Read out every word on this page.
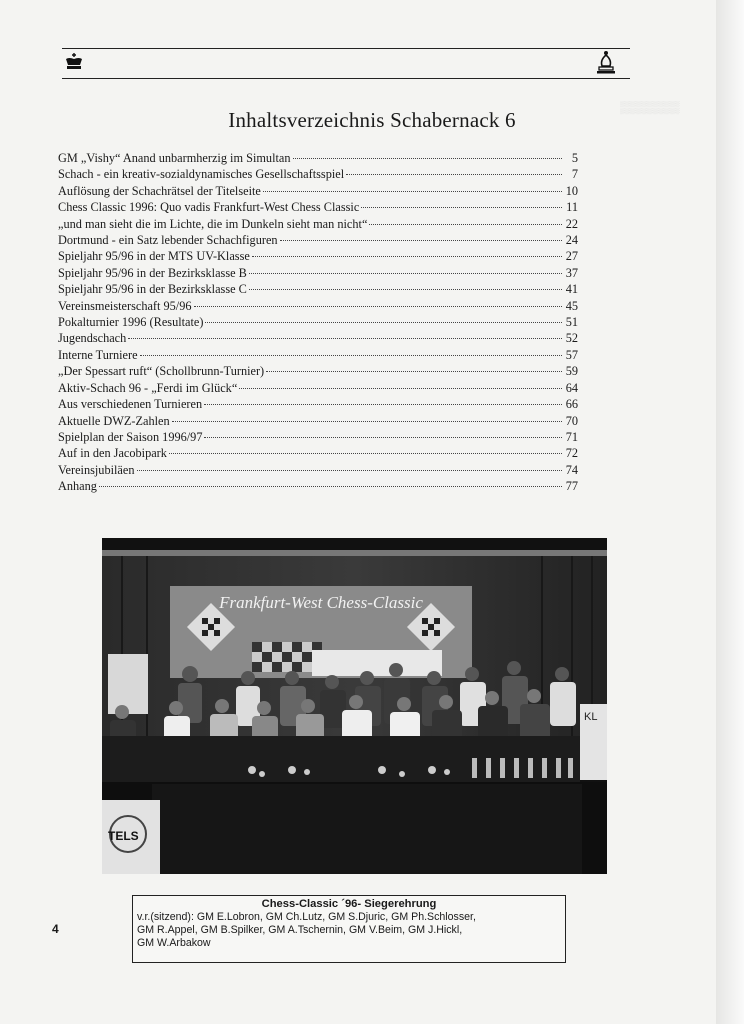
▒▒▒▒▒▒▒
Inhaltsverzeichnis Schabernack 6
GM „Vishy“ Anand unbarmherzig im Simultan	5
Schach - ein kreativ-sozialdynamisches Gesellschaftsspiel	7
Auflösung der Schachrätsel der Titelseite	10
Chess Classic 1996: Quo vadis Frankfurt-West Chess Classic	11
„und man sieht die im Lichte, die im Dunkeln sieht man nicht“	22
Dortmund - ein Satz lebender Schachfiguren	24
Spieljahr 95/96 in der MTS UV-Klasse	27
Spieljahr 95/96 in der Bezirksklasse B	37
Spieljahr 95/96 in der Bezirksklasse C	41
Vereinsmeisterschaft 95/96	45
Pokalturnier 1996 (Resultate)	51
Jugendschach	52
Interne Turniere	57
„Der Spessart ruft“ (Schollbrunn-Turnier)	59
Aktiv-Schach 96 - „Ferdi im Glück“	64
Aus verschiedenen Turnieren	66
Aktuelle DWZ-Zahlen	70
Spielplan der Saison 1996/97	71
Auf in den Jacobipark	72
Vereinsjubiläen	74
Anhang	77
Frankfurt-West Chess-Classic
KL
TELS
Chess-Classic ´96- Siegerehrung
v.r.(sitzend): GM E.Lobron, GM Ch.Lutz, GM S.Djuric, GM Ph.Schlosser,
GM R.Appel, GM B.Spilker, GM A.Tschernin, GM V.Beim, GM J.Hickl,
GM W.Arbakow
4
